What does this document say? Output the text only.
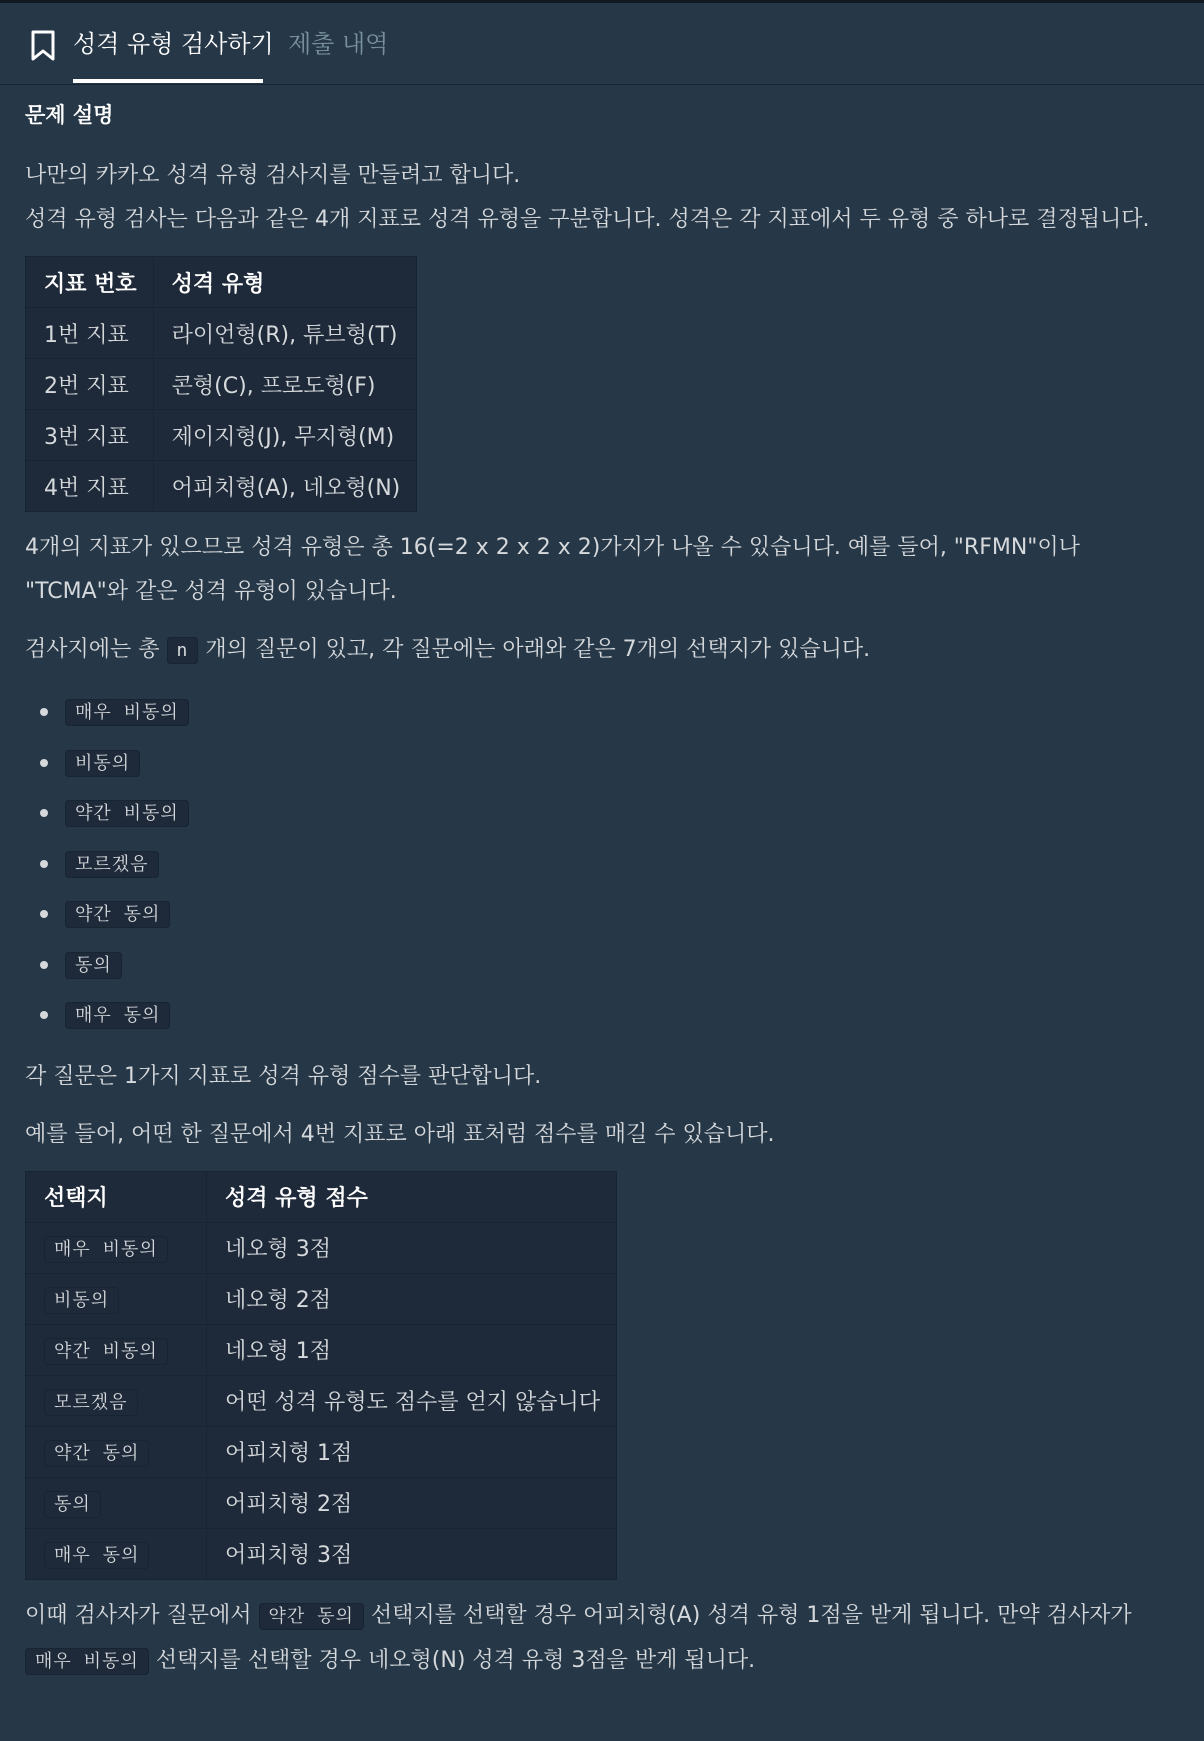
성격 유형 검사하기 제출 내역
문제 설명

나만의 카카오 성격 유형 검사지를 만들려고 합니다.
성격 유형 검사는 다음과 같은 4개 지표로 성격 유형을 구분합니다. 성격은 각 지표에서 두 유형 중 하나로 결정됩니다.

지표 번호	성격 유형
1번 지표	라이언형(R), 튜브형(T)
2번 지표	콘형(C), 프로도형(F)
3번 지표	제이지형(J), 무지형(M)
4번 지표	어피치형(A), 네오형(N)

4개의 지표가 있으므로 성격 유형은 총 16(=2 x 2 x 2 x 2)가지가 나올 수 있습니다. 예를 들어, "RFMN"이나
"TCMA"와 같은 성격 유형이 있습니다.

검사지에는 총 n 개의 질문이 있고, 각 질문에는 아래와 같은 7개의 선택지가 있습니다.

매우 비동의
비동의
약간 비동의
모르겠음
약간 동의
동의
매우 동의

각 질문은 1가지 지표로 성격 유형 점수를 판단합니다.

예를 들어, 어떤 한 질문에서 4번 지표로 아래 표처럼 점수를 매길 수 있습니다.

선택지	성격 유형 점수
매우 비동의	네오형 3점
비동의	네오형 2점
약간 비동의	네오형 1점
모르겠음	어떤 성격 유형도 점수를 얻지 않습니다
약간 동의	어피치형 1점
동의	어피치형 2점
매우 동의	어피치형 3점

이때 검사자가 질문에서 약간 동의 선택지를 선택할 경우 어피치형(A) 성격 유형 1점을 받게 됩니다. 만약 검사자가
매우 비동의 선택지를 선택할 경우 네오형(N) 성격 유형 3점을 받게 됩니다.
